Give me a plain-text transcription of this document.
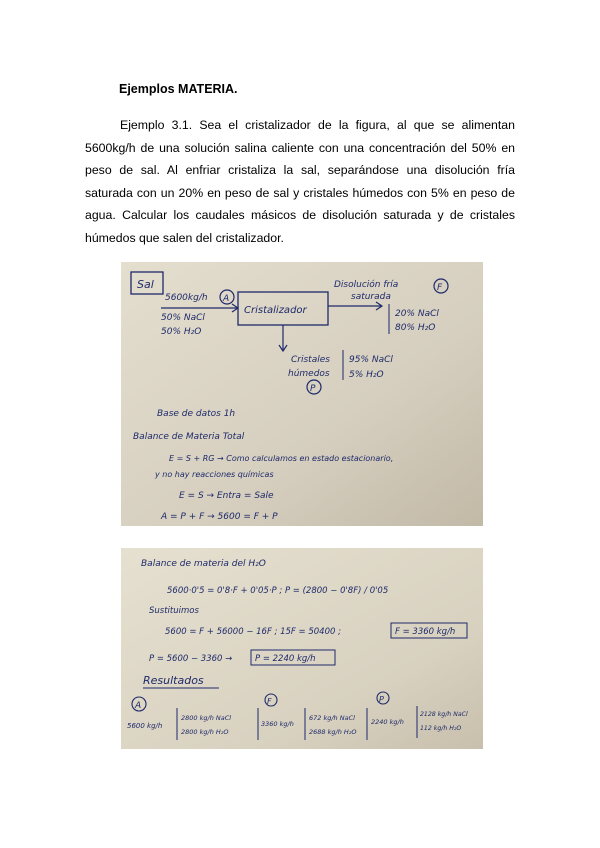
Ejemplos MATERIA.

Ejemplo 3.1. Sea el cristalizador de la figura, al que se alimentan 5600kg/h de una solución salina caliente con una concentración del 50% en peso de sal. Al enfriar cristaliza la sal, separándose una disolución fría saturada con un 20% en peso de sal y cristales húmedos con 5% en peso de agua. Calcular los caudales másicos de disolución saturada y de cristales húmedos que salen del cristalizador.

Sal
5600kg/h A
50% NaCl
50% H₂O
Cristalizador
Disolución fría
saturada
F
20% NaCl
80% H₂O
Cristales
húmedos
P
95% NaCl
5% H₂O
Base de datos 1h
Balance de Materia Total
E = S + RG → Como calculamos en estado estacionario,
y no hay reacciones químicas
E = S → Entra = Sale
A = P + F → 5600 = F + P
Balance de materia del H₂O
5600·0'5 = 0'8·F + 0'05·P ; P = (2800 − 0'8F) / 0'05
Sustituimos
5600 = F + 56000 − 16F ; 15F = 50400 ;	F = 3360 kg/h
P = 5600 − 3360 →	P = 2240 kg/h
Resultados
A
5600 kg/h
2800 kg/h NaCl
2800 kg/h H₂O
F
3360 kg/h
672 kg/h NaCl
2688 kg/h H₂O
P
2240 kg/h
2128 kg/h NaCl
112 kg/h H₂O
